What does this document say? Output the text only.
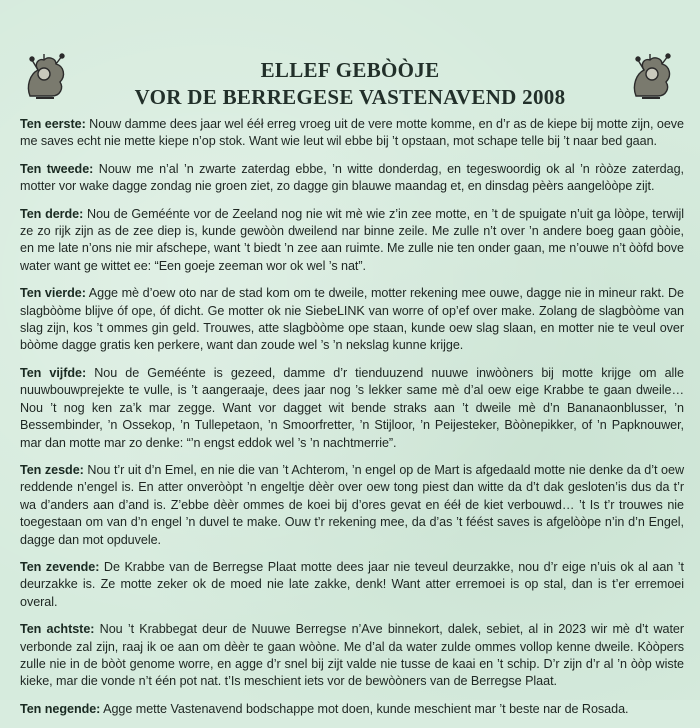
ELLEF GEBÒÒJE
VOR DE BERREGESE VASTENAVEND 2008

Ten eerste: Nouw damme dees jaar wel ééł erreg vroeg uit de vere motte komme, en d’r as de kiepe bij motte zijn, oeve me saves echt nie mette kiepe n’op stok. Want wie leut wil ebbe bij ’t opstaan, mot schape telle bij ’t naar bed gaan.

Ten tweede: Nouw me n’al ’n zwarte zaterdag ebbe, ’n witte donderdag, en tegeswoordig ok al ’n ròòze zaterdag, motter vor wake dagge zondag nie groen ziet, zo dagge gin blauwe maandag et, en dinsdag pèèrs aangelòòpe zijt.

Ten derde: Nou de Geméénte vor de Zeeland nog nie wit mè wie z’in zee motte, en ’t de spuigate n’uit ga lòòpe, terwijl ze zo rijk zijn as de zee diep is, kunde gewòòn dweilend nar binne zeile. Me zulle n’t over ’n andere boeg gaan gòòie, en me late n’ons nie mir afschepe, want ’t biedt ’n zee aan ruimte. Me zulle nie ten onder gaan, me n’ouwe n’t òòfd bove water want ge wittet ee: “Een goeje zeeman wor ok wel ’s nat”.

Ten vierde: Agge mè d’oew oto nar de stad kom om te dweile, motter rekening mee ouwe, dagge nie in mineur rakt. De slagbòòme blijve óf ope, óf dicht. Ge motter ok nie SiebeLINK van worre of op’ef over make. Zolang de slagbòòme van slag zijn, kos ’t ommes gin geld. Trouwes, atte slagbòòme ope staan, kunde oew slag slaan, en motter nie te veul over bòòme dagge gratis ken perkere, want dan zoude wel ’s ’n nekslag kunne krijge.

Ten vijfde: Nou de Geméénte is gezeed, damme d’r tienduuzend nuuwe inwòòners bij motte krijge om alle nuuwbouwprejekte te vulle, is ’t aangeraaje, dees jaar nog ’s lekker same mè d’al oew eige Krabbe te gaan dweile… Nou ’t nog ken za’k mar zegge. Want vor dagget wit bende straks aan ’t dweile mè d’n Bananaonblusser, ’n Bessembinder, ’n Ossekop, ’n Tullepetaon, ’n Smoorfretter, ’n Stijloor, ’n Peijesteker, Bòònepikker, of ’n Papknouwer, mar dan motte mar zo denke: “’n engst eddok wel ’s ’n nachtmerrie”.

Ten zesde: Nou t’r uit d’n Emel, en nie die van ’t Achterom, ’n engel op de Mart is afgedaald motte nie denke da d’t oew reddende n’engel is. En atter onveròòpt ’n engeltje dèèr over oew tong piest dan witte da d’t dak gesloten’is dus da t’r wa d’anders aan d’and is. Z’ebbe dèèr ommes de koei bij d’ores gevat en ééł de kiet verbouwd… ’t Is t’r trouwes nie toegestaan om van d’n engel ’n duvel te make. Ouw t’r rekening mee, da d’as ’t féést saves is afgelòòpe n’in d’n Engel, dagge dan mot opduvele.

Ten zevende: De Krabbe van de Berregse Plaat motte dees jaar nie teveul deurzakke, nou d’r eige n’uis ok al aan ’t deurzakke is. Ze motte zeker ok de moed nie late zakke, denk! Want atter erremoei is op stal, dan is t’er erremoei overal.

Ten achtste: Nou ’t Krabbegat deur de Nuuwe Berregse n’Ave binnekort, dalek, sebiet, al in 2023 wir mè d’t water verbonde zal zijn, raaj ik oe aan om dèèr te gaan wòòne. Me d’al da water zulde ommes vollop kenne dweile. Kòòpers zulle nie in de bòòt genome worre, en agge d’r snel bij zijt valde nie tusse de kaai en ’t schip. D’r zijn d’r al ’n òòp wiste kieke, mar die vonde n’t één pot nat. t’Is meschient iets vor de bewòòners van de Berregse Plaat.

Ten negende: Agge mette Vastenavend bodschappe mot doen, kunde meschient mar ’t beste nar de Rosada.
